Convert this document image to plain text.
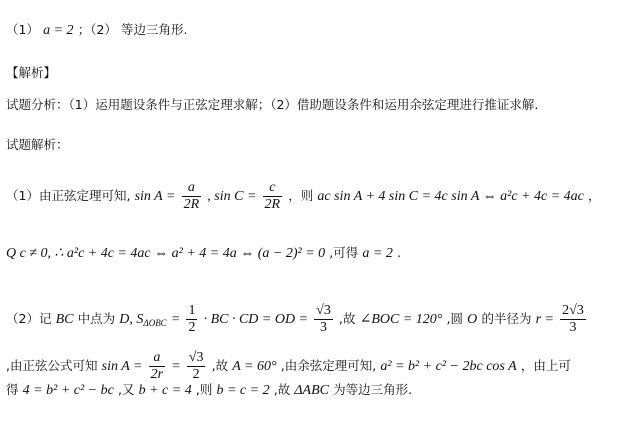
（1） a = 2 ；（2） 等边三角形.
【解析】
试题分析：（1）运用题设条件与正弦定理求解；（2）借助题设条件和运用余弦定理进行推证求解.
试题解析：
（1）由正弦定理可知, $\sin A = \frac{a}{2R}$ , $\sin C = \frac{c}{2R}$ ，则 ac sin A + 4 sin C = 4c sin A ⇔ a²c + 4c = 4ac ，
Q c ≠ 0, ∴ a²c + 4c = 4ac ⇔ a² + 4 = 4a ⇔ (a − 2)² = 0 ,可得 a = 2 .
（2）记 BC 中点为 D, $S_{\Delta OBC} = \frac{1}{2}$ · BC · CD = OD = $\frac{√3}{3}$ ,故 ∠BOC = 120° ,圆 O 的半径为 $r = \frac{2√3}{3}$
,由正弦公式可知 $\sin A = \frac{a}{2r} = \frac{√3}{2}$ ,故 A = 60° ,由余弦定理可知, a² = b² + c² − 2bc cos A ，由上可
得 4 = b² + c² − bc ,又 b + c = 4 ,则 b = c = 2 ,故 ΔABC 为等边三角形.
